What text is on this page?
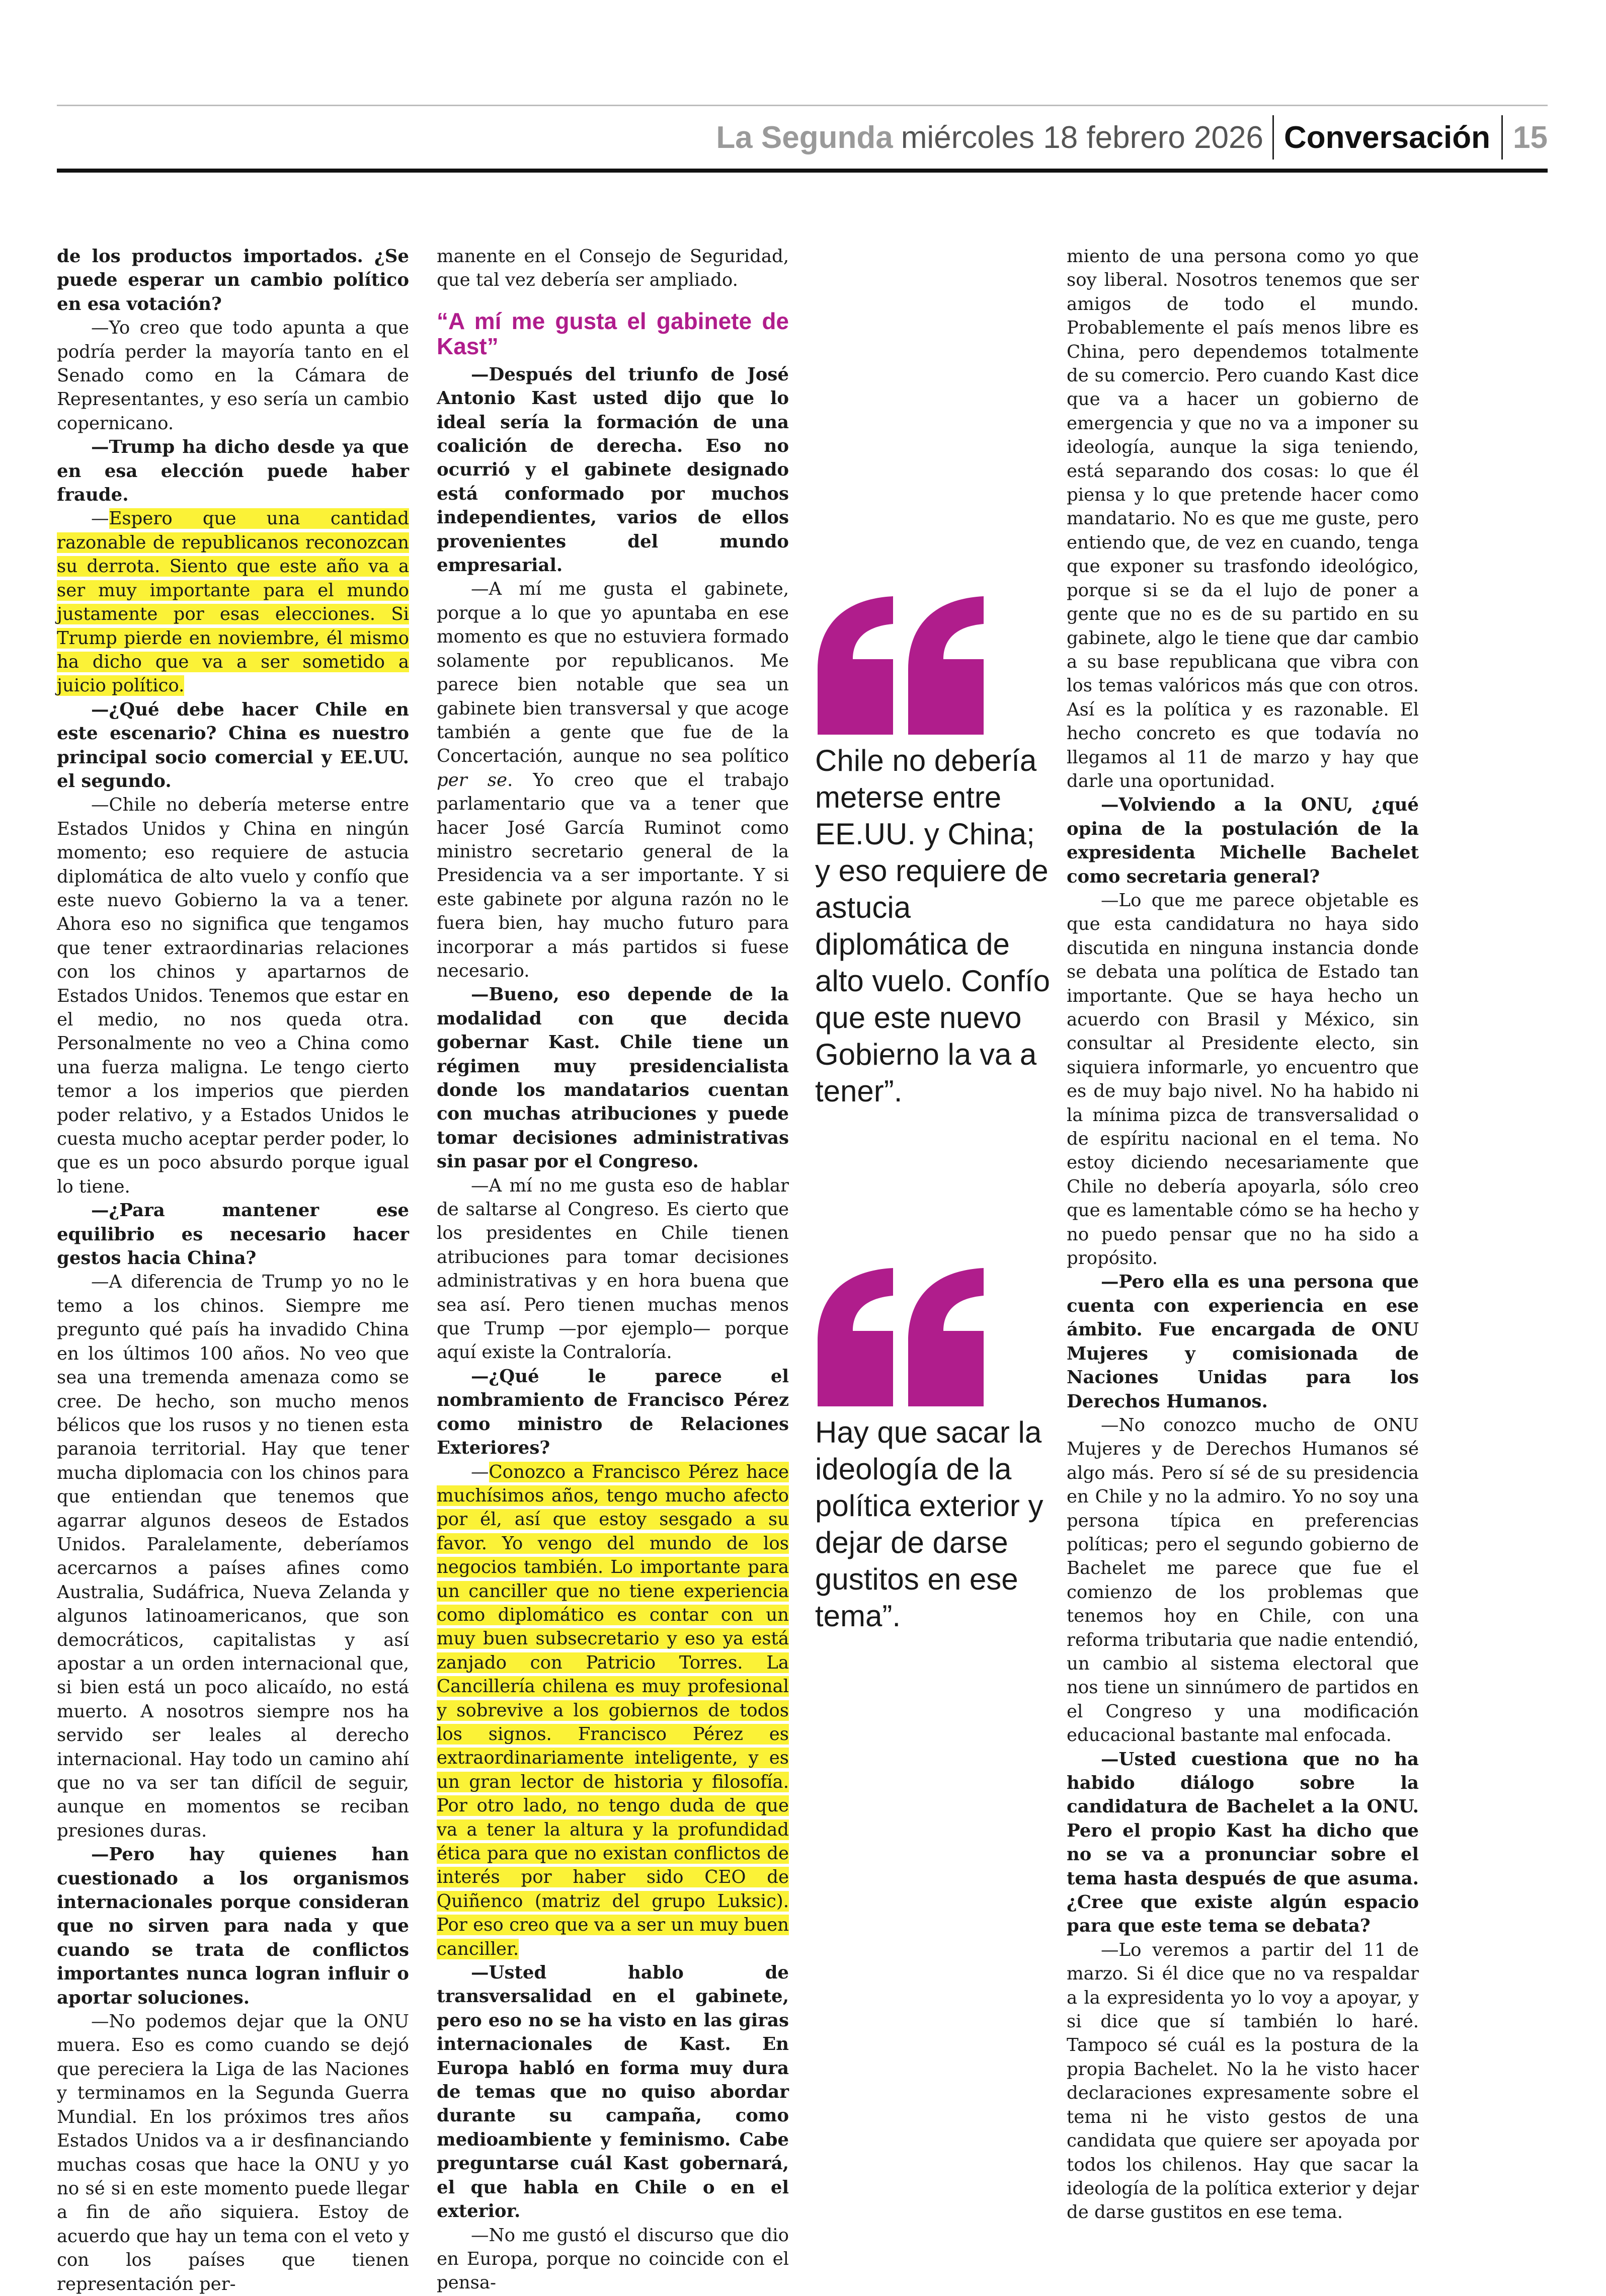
La Segunda miércoles 18 febrero 2026 Conversación 15

de los productos importados. ¿Se puede esperar un cambio político en esa votación?

—Yo creo que todo apunta a que podría perder la mayoría tanto en el Senado como en la Cámara de Representantes, y eso sería un cambio copernicano.

—Trump ha dicho desde ya que en esa elección puede haber fraude.

—Espero que una cantidad razonable de republicanos reconozcan su derrota. Siento que este año va a ser muy importante para el mundo justamente por esas elecciones. Si Trump pierde en noviembre, él mismo ha dicho que va a ser sometido a juicio político.

—¿Qué debe hacer Chile en este escenario? China es nuestro principal socio comercial y EE.UU. el segundo.

—Chile no debería meterse entre Estados Unidos y China en ningún momento; eso requiere de astucia diplomática de alto vuelo y confío que este nuevo Gobierno la va a tener. Ahora eso no significa que tengamos que tener extraordinarias relaciones con los chinos y apartarnos de Estados Unidos. Tenemos que estar en el medio, no nos queda otra. Personalmente no veo a China como una fuerza maligna. Le tengo cierto temor a los imperios que pierden poder relativo, y a Estados Unidos le cuesta mucho aceptar perder poder, lo que es un poco absurdo porque igual lo tiene.

—¿Para mantener ese equilibrio es necesario hacer gestos hacia China?

—A diferencia de Trump yo no le temo a los chinos. Siempre me pregunto qué país ha invadido China en los últimos 100 años. No veo que sea una tremenda amenaza como se cree. De hecho, son mucho menos bélicos que los rusos y no tienen esta paranoia territorial. Hay que tener mucha diplomacia con los chinos para que entiendan que tenemos que agarrar algunos deseos de Estados Unidos. Paralelamente, deberíamos acercarnos a países afines como Australia, Sudáfrica, Nueva Zelanda y algunos latinoamericanos, que son democráticos, capitalistas y así apostar a un orden internacional que, si bien está un poco alicaído, no está muerto. A nosotros siempre nos ha servido ser leales al derecho internacional. Hay todo un camino ahí que no va ser tan difícil de seguir, aunque en momentos se reciban presiones duras.

—Pero hay quienes han cuestionado a los organismos internacionales porque consideran que no sirven para nada y que cuando se trata de conflictos importantes nunca logran influir o aportar soluciones.

—No podemos dejar que la ONU muera. Eso es como cuando se dejó que pereciera la Liga de las Naciones y terminamos en la Segunda Guerra Mundial. En los próximos tres años Estados Unidos va a ir desfinanciando muchas cosas que hace la ONU y yo no sé si en este momento puede llegar a fin de año siquiera. Estoy de acuerdo que hay un tema con el veto y con los países que tienen representación per-

manente en el Consejo de Seguridad, que tal vez debería ser ampliado.

“A mí me gusta el gabinete de Kast”

—Después del triunfo de José Antonio Kast usted dijo que lo ideal sería la formación de una coalición de derecha. Eso no ocurrió y el gabinete designado está conformado por muchos independientes, varios de ellos provenientes del mundo empresarial.

—A mí me gusta el gabinete, porque a lo que yo apuntaba en ese momento es que no estuviera formado solamente por republicanos. Me parece bien notable que sea un gabinete bien transversal y que acoge también a gente que fue de la Concertación, aunque no sea político per se. Yo creo que el trabajo parlamentario que va a tener que hacer José García Ruminot como ministro secretario general de la Presidencia va a ser importante. Y si este gabinete por alguna razón no le fuera bien, hay mucho futuro para incorporar a más partidos si fuese necesario.

—Bueno, eso depende de la modalidad con que decida gobernar Kast. Chile tiene un régimen muy presidencialista donde los mandatarios cuentan con muchas atribuciones y puede tomar decisiones administrativas sin pasar por el Congreso.

—A mí no me gusta eso de hablar de saltarse al Congreso. Es cierto que los presidentes en Chile tienen atribuciones para tomar decisiones administrativas y en hora buena que sea así. Pero tienen muchas menos que Trump —por ejemplo— porque aquí existe la Contraloría.

—¿Qué le parece el nombramiento de Francisco Pérez como ministro de Relaciones Exteriores?

—Conozco a Francisco Pérez hace muchísimos años, tengo mucho afecto por él, así que estoy sesgado a su favor. Yo vengo del mundo de los negocios también. Lo importante para un canciller que no tiene experiencia como diplomático es contar con un muy buen subsecretario y eso ya está zanjado con Patricio Torres. La Cancillería chilena es muy profesional y sobrevive a los gobiernos de todos los signos. Francisco Pérez es extraordinariamente inteligente, y es un gran lector de historia y filosofía. Por otro lado, no tengo duda de que va a tener la altura y la profundidad ética para que no existan conflictos de interés por haber sido CEO de Quiñenco (matriz del grupo Luksic). Por eso creo que va a ser un muy buen canciller.

—Usted hablo de transversalidad en el gabinete, pero eso no se ha visto en las giras internacionales de Kast. En Europa habló en forma muy dura de temas que no quiso abordar durante su campaña, como medioambiente y feminismo. Cabe preguntarse cuál Kast gobernará, el que habla en Chile o en el exterior.

—No me gustó el discurso que dio en Europa, porque no coincide con el pensa-

Chile no debería meterse entre EE.UU. y China; y eso requiere de astucia diplomática de alto vuelo. Confío que este nuevo Gobierno la va a tener”.
Hay que sacar la ideología de la política exterior y dejar de darse gustitos en ese tema”.

miento de una persona como yo que soy liberal. Nosotros tenemos que ser amigos de todo el mundo. Probablemente el país menos libre es China, pero dependemos totalmente de su comercio. Pero cuando Kast dice que va a hacer un gobierno de emergencia y que no va a imponer su ideología, aunque la siga teniendo, está separando dos cosas: lo que él piensa y lo que pretende hacer como mandatario. No es que me guste, pero entiendo que, de vez en cuando, tenga que exponer su trasfondo ideológico, porque si se da el lujo de poner a gente que no es de su partido en su gabinete, algo le tiene que dar cambio a su base republicana que vibra con los temas valóricos más que con otros. Así es la política y es razonable. El hecho concreto es que todavía no llegamos al 11 de marzo y hay que darle una oportunidad.

—Volviendo a la ONU, ¿qué opina de la postulación de la expresidenta Michelle Bachelet como secretaria general?

—Lo que me parece objetable es que esta candidatura no haya sido discutida en ninguna instancia donde se debata una política de Estado tan importante. Que se haya hecho un acuerdo con Brasil y México, sin consultar al Presidente electo, sin siquiera informarle, yo encuentro que es de muy bajo nivel. No ha habido ni la mínima pizca de transversalidad o de espíritu nacional en el tema. No estoy diciendo necesariamente que Chile no debería apoyarla, sólo creo que es lamentable cómo se ha hecho y no puedo pensar que no ha sido a propósito.

—Pero ella es una persona que cuenta con experiencia en ese ámbito. Fue encargada de ONU Mujeres y comisionada de Naciones Unidas para los Derechos Humanos.

—No conozco mucho de ONU Mujeres y de Derechos Humanos sé algo más. Pero sí sé de su presidencia en Chile y no la admiro. Yo no soy una persona típica en preferencias políticas; pero el segundo gobierno de Bachelet me parece que fue el comienzo de los problemas que tenemos hoy en Chile, con una reforma tributaria que nadie entendió, un cambio al sistema electoral que nos tiene un sinnúmero de partidos en el Congreso y una modificación educacional bastante mal enfocada.

—Usted cuestiona que no ha habido diálogo sobre la candidatura de Bachelet a la ONU. Pero el propio Kast ha dicho que no se va a pronunciar sobre el tema hasta después de que asuma. ¿Cree que existe algún espacio para que este tema se debata?

—Lo veremos a partir del 11 de marzo. Si él dice que no va respaldar a la expresidenta yo lo voy a apoyar, y si dice que sí también lo haré. Tampoco sé cuál es la postura de la propia Bachelet. No la he visto hacer declaraciones expresamente sobre el tema ni he visto gestos de una candidata que quiere ser apoyada por todos los chilenos. Hay que sacar la ideología de la política exterior y dejar de darse gustitos en ese tema.
